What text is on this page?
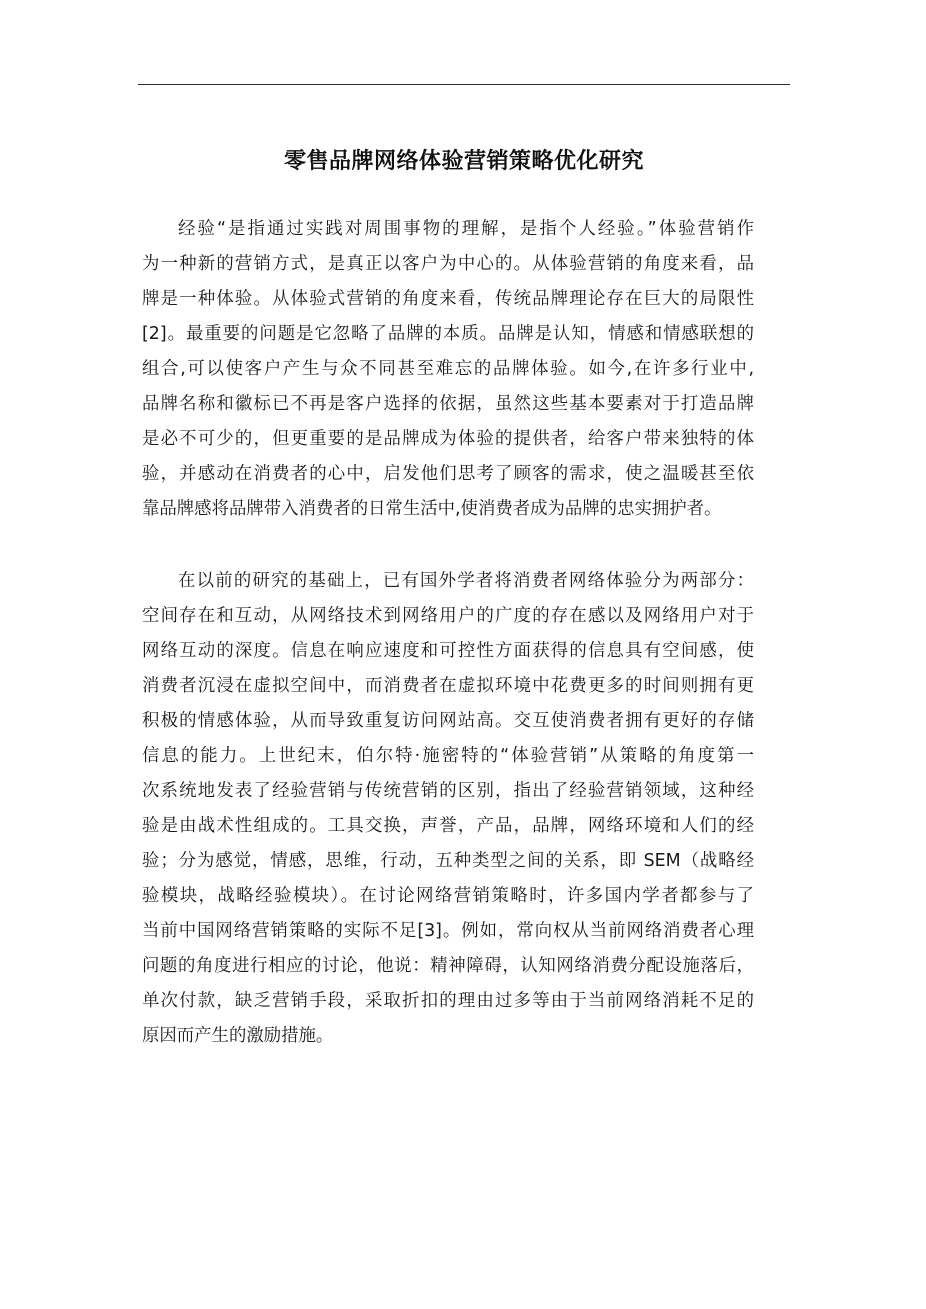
零售品牌网络体验营销策略优化研究
经验“是指通过实践对周围事物的理解，是指个人经验。”体验营销作
为一种新的营销方式，是真正以客户为中心的。从体验营销的角度来看，品
牌是一种体验。从体验式营销的角度来看，传统品牌理论存在巨大的局限性
[2]。最重要的问题是它忽略了品牌的本质。品牌是认知，情感和情感联想的
组合,可以使客户产生与众不同甚至难忘的品牌体验。如今,在许多行业中,
品牌名称和徽标已不再是客户选择的依据，虽然这些基本要素对于打造品牌
是必不可少的，但更重要的是品牌成为体验的提供者，给客户带来独特的体
验，并感动在消费者的心中，启发他们思考了顾客的需求，使之温暖甚至依
靠品牌感将品牌带入消费者的日常生活中,使消费者成为品牌的忠实拥护者。
在以前的研究的基础上，已有国外学者将消费者网络体验分为两部分：
空间存在和互动，从网络技术到网络用户的广度的存在感以及网络用户对于
网络互动的深度。信息在响应速度和可控性方面获得的信息具有空间感，使
消费者沉浸在虚拟空间中，而消费者在虚拟环境中花费更多的时间则拥有更
积极的情感体验，从而导致重复访问网站高。交互使消费者拥有更好的存储
信息的能力。上世纪末，伯尔特·施密特的“体验营销”从策略的角度第一
次系统地发表了经验营销与传统营销的区别，指出了经验营销领域，这种经
验是由战术性组成的。工具交换，声誉，产品，品牌，网络环境和人们的经
验；分为感觉，情感，思维，行动，五种类型之间的关系，即 SEM（战略经
验模块，战略经验模块）。在讨论网络营销策略时，许多国内学者都参与了
当前中国网络营销策略的实际不足[3]。例如，常向权从当前网络消费者心理
问题的角度进行相应的讨论，他说：精神障碍，认知网络消费分配设施落后，
单次付款，缺乏营销手段，采取折扣的理由过多等由于当前网络消耗不足的
原因而产生的激励措施。
